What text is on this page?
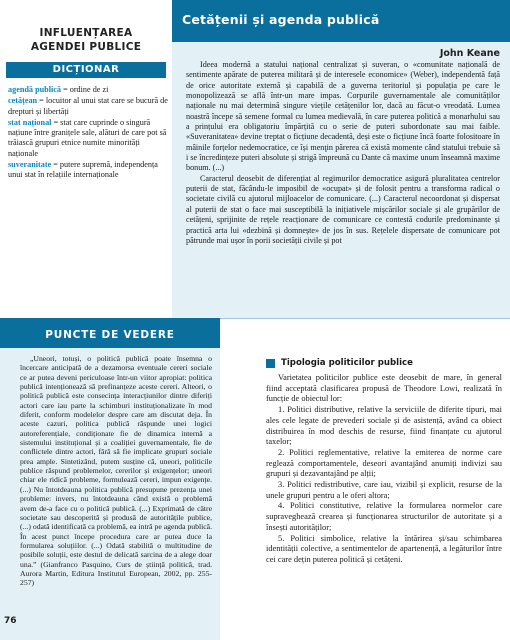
INFLUENȚAREA
AGENDEI PUBLICE
DICȚIONAR
agendă publică = ordine de zi
cetățean = locuitor al unui stat care se bucură de drepturi și libertăți
stat național = stat care cuprinde o singură națiune între granițele sale, alături de care pot să trăiască grupuri etnice numite minorități naționale
suveranitate = putere supremă, independența unui stat în relațiile internaționale
Cetățenii și agenda publică
John Keane

Ideea modernă a statului național centralizat și suveran, o «comunitate națională de sentimente apărate de puterea militară și de interesele economice» (Weber), independentă față de orice autoritate externă și capabilă de a guverna teritoriul și populația pe care le monopolizează se află într-un mare impas. Corpurile guvernamentale ale comunităților naționale nu mai determină singure viețile cetățenilor lor, dacă au făcut-o vreodată. Lumea noastră începe să semene formal cu lumea medievală, în care puterea politică a monarhului sau a prințului era obligatoriu împărțită cu o serie de puteri subordonate sau mai faible. «Suveranitatea» devine treptat o ficțiune decadentă, deși este o ficțiune încă foarte folositoare în mâinile forțelor nedemocratice, ce își menţin părerea că există momente când statului trebuie să i se încredințeze puteri absolute și strigă împreună cu Dante că maxime unum înseamnă maxime bonum. (...)

Caracterul deosebit de diferențiat al regimurilor democratice asigură pluralitatea centrelor puterii de stat, făcându-le imposibil de «ocupat» și de folosit pentru a transforma radical o societate civilă cu ajutorul mijloacelor de comunicare. (...) Caracterul necoordonat și dispersat al puterii de stat o face mai susceptibilă la inițiativele mișcărilor sociale și ale grupărilor de cetățeni, sprijinite de rețele reacționare de comunicare ce contestă codurile predominante și practică arta lui «dezbină și domnește» de jos în sus. Rețelele dispersate de comunicare pot pătrunde mai ușor în porii societății civile și pot

PUNCTE DE VEDERE

„Uneori, totuși, o politică publică poate însemna o încercare anticipată de a dezamorsa eventuale cereri sociale ce ar putea deveni periculoase într-un viitor apropiat: politica publică intenționează să prefinanțeze aceste cereri. Alteori, o politică publică este consecința interacțiunilor dintre diferiți actori care iau parte la schimburi instituționalizate în mod diferit, conform modelelor despre care am discutat deja. În aceste cazuri, politica publică răspunde unei logici autoreferențiale, condiționate fie de dinamica internă a sistemului instituțional și a coaliției guvernamentale, fie de conflictele dintre actori, fără să fie implicate grupuri sociale prea ample. Sintetizând, putem susține că, uneori, politicile publice răspund problemelor, cererilor și exigențelor; uneori chiar ele ridică probleme, formulează cereri, impun exigențe. (...) Nu întotdeauna politica publică presupune prezența unei probleme: invers, nu întotdeauna când există o problemă avem de-a face cu o politică publică. (...) Exprimată de către societate sau descoperită și produsă de autoritățile publice, (...) odată identificată ca problemă, ea intră pe agenda publică. În acest punct începe procedura care ar putea duce la formularea soluțiilor. (...) Odată stabilită o multitudine de posibile soluții, este destul de delicată sarcina de a alege doar una.” (Gianfranco Pasquino, Curs de știință politică, trad. Aurora Martin, Editura Institutul European, 2002, pp. 255-257)

76
Tipologia politicilor publice

Varietatea politicilor publice este deosebit de mare, în general fiind acceptată clasificarea propusă de Theodore Lowi, realizată în funcție de obiectul lor:

1. Politici distributive, relative la serviciile de diferite tipuri, mai ales cele legate de prevederi sociale și de asistență, având ca obiect distribuirea în mod deschis de resurse, fiind finanțate cu ajutorul taxelor;

2. Politici reglementative, relative la emiterea de norme care reglează comportamentele, deseori avantajând anumiți indivizi sau grupuri și dezavantajând pe alții;

3. Politici redistributive, care iau, vizibil și explicit, resurse de la unele grupuri pentru a le oferi altora;

4. Politici constitutive, relative la formularea normelor care supraveghează crearea și funcționarea structurilor de autoritate și a însești autorităților;

5. Politici simbolice, relative la întărirea și/sau schimbarea identității colective, a sentimentelor de apartenență, a legăturilor între cei care dețin puterea politică și cetățeni.
